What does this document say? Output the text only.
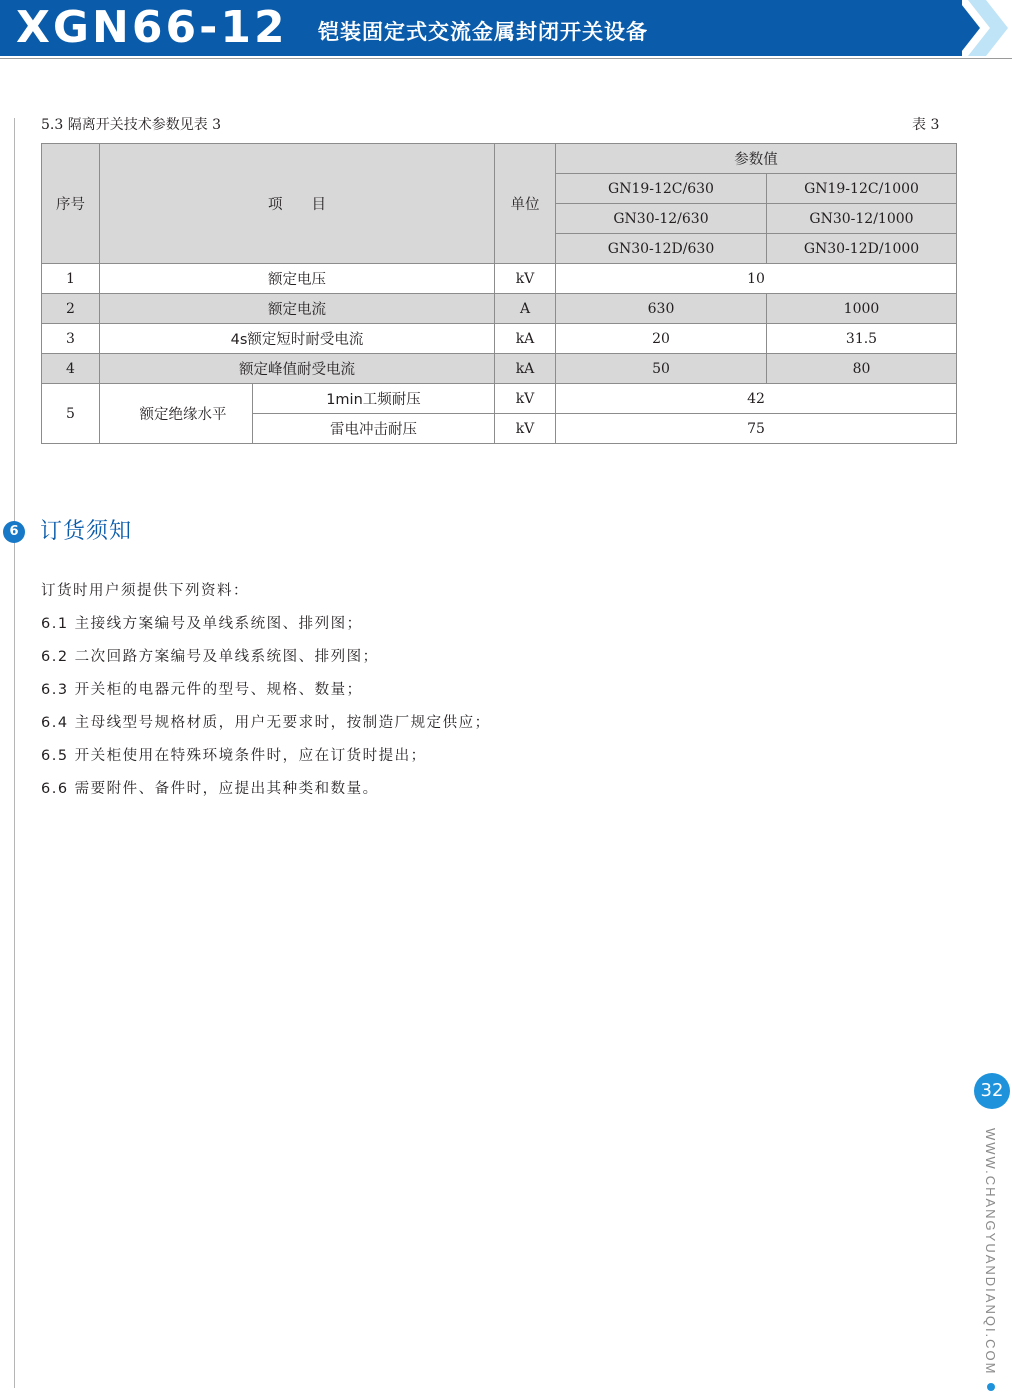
XGN66-12 铠装固定式交流金属封闭开关设备
5.3 隔离开关技术参数见表 3	表 3
序号	项　　目		单位	参数值	
				GN19-12C/630	GN19-12C/1000
				GN30-12/630	GN30-12/1000
				GN30-12D/630	GN30-12D/1000
1	额定电压		kV	10	
2	额定电流		A	630	1000
3	4s额定短时耐受电流		kA	20	31.5
4	额定峰值耐受电流		kA	50	80
5	额定绝缘水平	1min工频耐压	kV	42	
		雷电冲击耐压	kV	75	
6 订货须知
订货时用户须提供下列资料：
6.1 主接线方案编号及单线系统图、排列图；
6.2 二次回路方案编号及单线系统图、排列图；
6.3 开关柜的电器元件的型号、规格、数量；
6.4 主母线型号规格材质，用户无要求时，按制造厂规定供应；
6.5 开关柜使用在特殊环境条件时，应在订货时提出；
6.6 需要附件、备件时，应提出其种类和数量。
32
WWW.CHANGYUANDIANQI.COM
